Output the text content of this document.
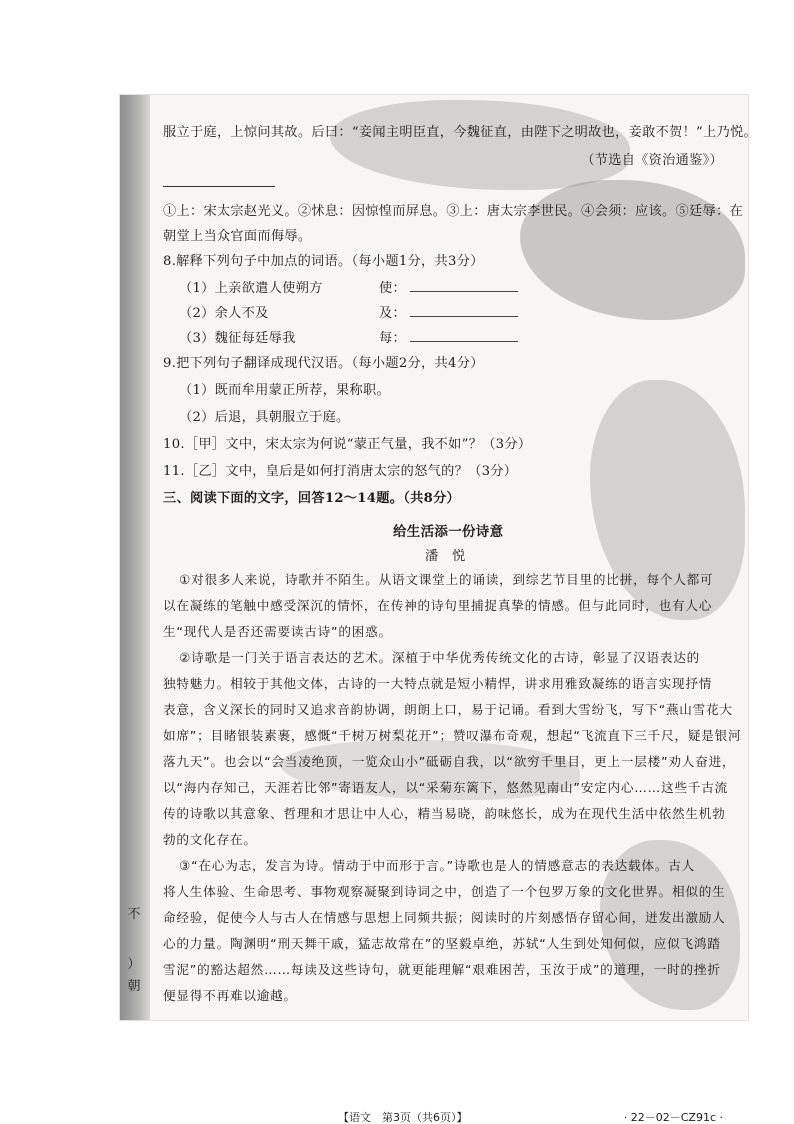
不
）
朝
服立于庭，上惊问其故。后曰：“妾闻主明臣直，今魏征直，由陛下之明故也，妾敢不贺！”上乃悦。
（节选自《资治通鉴》）
①上：宋太宗赵光义。②怵息：因惊惶而屏息。③上：唐太宗李世民。④会须：应该。⑤廷辱：在
朝堂上当众官面而侮辱。
8.解释下列句子中加点的词语。（每小题1分，共3分）
（1）上亲欲遣人使朔方	使：
（2）余人不及	及：
（3）魏征每廷辱我	每：
9.把下列句子翻译成现代汉语。（每小题2分，共4分）
（1）既而牟用蒙正所荐，果称职。
（2）后退，具朝服立于庭。
10.［甲］文中，宋太宗为何说“蒙正气量，我不如”？（3分）
11.［乙］文中，皇后是如何打消唐太宗的怒气的？（3分）
三、阅读下面的文字，回答12～14题。（共8分）
给生活添一份诗意
潘　悦
①对很多人来说，诗歌并不陌生。从语文课堂上的诵读，到综艺节目里的比拼，每个人都可
以在凝练的笔触中感受深沉的情怀，在传神的诗句里捕捉真挚的情感。但与此同时，也有人心
生“现代人是否还需要读古诗”的困惑。
②诗歌是一门关于语言表达的艺术。深植于中华优秀传统文化的古诗，彰显了汉语表达的
独特魅力。相较于其他文体，古诗的一大特点就是短小精悍，讲求用雅致凝练的语言实现抒情
表意，含义深长的同时又追求音韵协调，朗朗上口，易于记诵。看到大雪纷飞，写下“燕山雪花大
如席”；目睹银装素裹，感慨“千树万树梨花开”；赞叹瀑布奇观，想起“飞流直下三千尺，疑是银河
落九天”。也会以“会当凌绝顶，一览众山小”砥砺自我，以“欲穷千里目，更上一层楼”劝人奋进，
以“海内存知己，天涯若比邻”寄语友人，以“采菊东篱下，悠然见南山”安定内心……这些千古流
传的诗歌以其意象、哲理和才思让中人心，精当易晓，韵味悠长，成为在现代生活中依然生机勃
勃的文化存在。
③“在心为志，发言为诗。情动于中而形于言。”诗歌也是人的情感意志的表达载体。古人
将人生体验、生命思考、事物观察凝聚到诗词之中，创造了一个包罗万象的文化世界。相似的生
命经验，促使今人与古人在情感与思想上同频共振；阅读时的片刻感悟存留心间，迸发出激励人
心的力量。陶渊明“刑天舞干戚，猛志故常在”的坚毅卓绝，苏轼“人生到处知何似，应似飞鸿踏
雪泥”的豁达超然……每读及这些诗句，就更能理解“艰难困苦，玉汝于成”的道理，一时的挫折
便显得不再难以逾越。
【语文　第3页（共6页）】	· 22－02－CZ91c ·
